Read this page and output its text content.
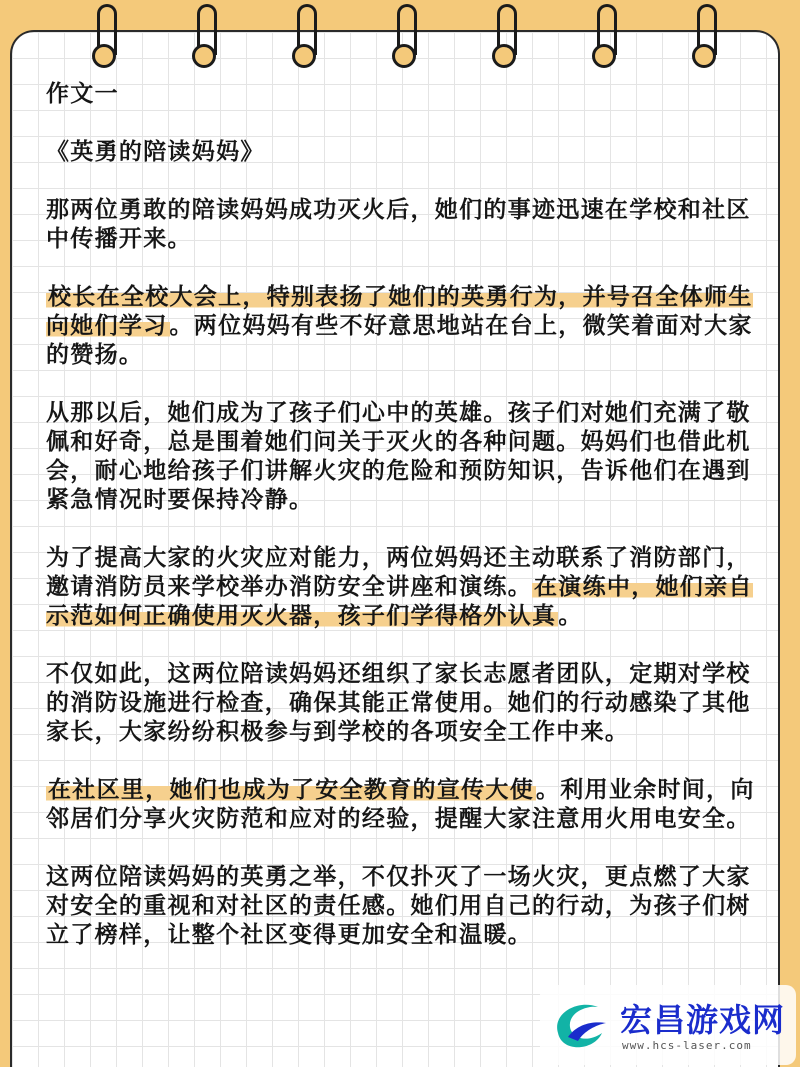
作文一

《英勇的陪读妈妈》

那两位勇敢的陪读妈妈成功灭火后，她们的事迹迅速在学校和社区中传播开来。

校长在全校大会上，特别表扬了她们的英勇行为，并号召全体师生向她们学习。两位妈妈有些不好意思地站在台上，微笑着面对大家的赞扬。

从那以后，她们成为了孩子们心中的英雄。孩子们对她们充满了敬佩和好奇，总是围着她们问关于灭火的各种问题。妈妈们也借此机会，耐心地给孩子们讲解火灾的危险和预防知识，告诉他们在遇到紧急情况时要保持冷静。

为了提高大家的火灾应对能力，两位妈妈还主动联系了消防部门，邀请消防员来学校举办消防安全讲座和演练。在演练中，她们亲自示范如何正确使用灭火器，孩子们学得格外认真。

不仅如此，这两位陪读妈妈还组织了家长志愿者团队，定期对学校的消防设施进行检查，确保其能正常使用。她们的行动感染了其他家长，大家纷纷积极参与到学校的各项安全工作中来。

在社区里，她们也成为了安全教育的宣传大使。利用业余时间，向邻居们分享火灾防范和应对的经验，提醒大家注意用火用电安全。

这两位陪读妈妈的英勇之举，不仅扑灭了一场火灾，更点燃了大家对安全的重视和对社区的责任感。她们用自己的行动，为孩子们树立了榜样，让整个社区变得更加安全和温暖。

宏昌游戏网
www.hcs-laser.com
